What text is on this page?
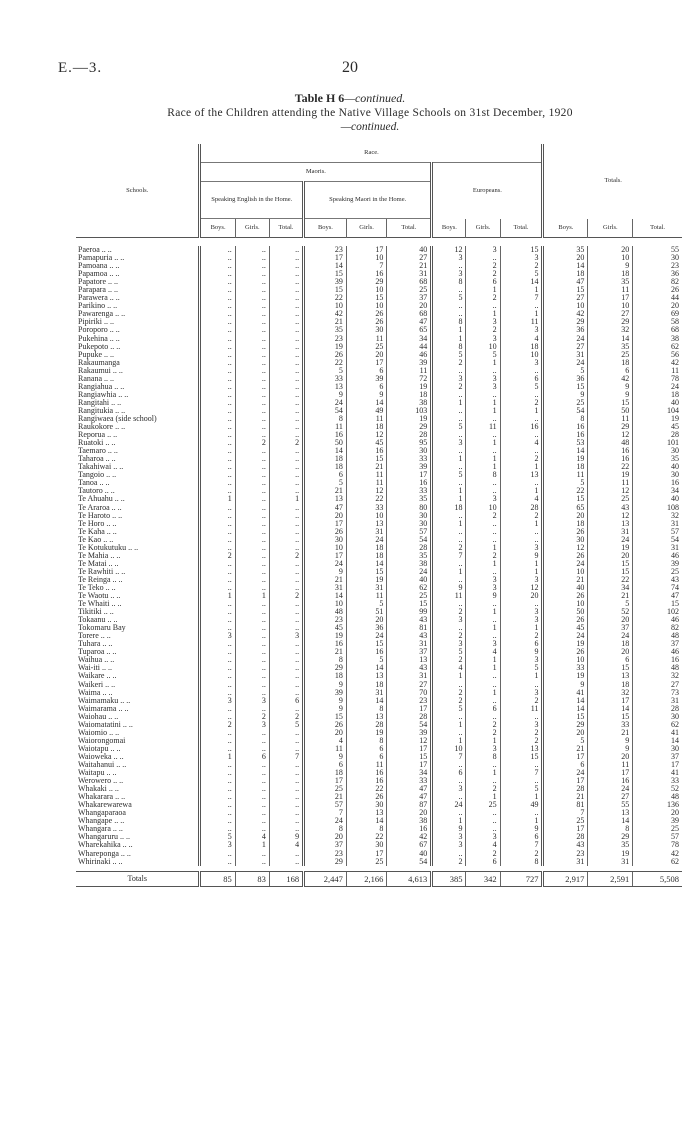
E.—3.	20
Table H 6—continued.
Race of the Children attending the Native Village Schools on 31st December, 1920
—continued.
Schools.	Race.									Totals.		
	Maoris.						Europeans.					
	Speaking English in the Home.			Speaking Maori in the Home.								
	Boys.	Girls.	Total.	Boys.	Girls.	Total.	Boys.	Girls.	Total.	Boys.	Girls.	Total.

Paeroa .. ..	..	..	..	23	17	40	12	3	15	35	20	55
Pamapuria .. ..	..	..	..	17	10	27	3	..	3	20	10	30
Pamoana .. ..	..	..	..	14	7	21	..	2	2	14	9	23
Papamoa .. ..	..	..	..	15	16	31	3	2	5	18	18	36
Papatore .. ..	..	..	..	39	29	68	8	6	14	47	35	82
Parapara .. ..	..	..	..	15	10	25	..	1	1	15	11	26
Parawera .. ..	..	..	..	22	15	37	5	2	7	27	17	44
Parikino .. ..	..	..	..	10	10	20	..	..	..	10	10	20
Pawarenga .. ..	..	..	..	42	26	68	..	1	1	42	27	69
Pipiriki .. ..	..	..	..	21	26	47	8	3	11	29	29	58
Poroporo .. ..	..	..	..	35	30	65	1	2	3	36	32	68
Pukehina .. ..	..	..	..	23	11	34	1	3	4	24	14	38
Pukepoto .. ..	..	..	..	19	25	44	8	10	18	27	35	62
Pupuke .. ..	..	..	..	26	20	46	5	5	10	31	25	56
Rakaumanga	..	..	..	22	17	39	2	1	3	24	18	42
Rakaumui .. ..	..	..	..	5	6	11	..	..	..	5	6	11
Ranana .. ..	..	..	..	33	39	72	3	3	6	36	42	78
Rangiahua .. ..	..	..	..	13	6	19	2	3	5	15	9	24
Rangiawhia .. ..	..	..	..	9	9	18	..	..	..	9	9	18
Rangitahi .. ..	..	..	..	24	14	38	1	1	2	25	15	40
Rangitukia .. ..	..	..	..	54	49	103	..	1	1	54	50	104
Rangiwaea (side school)	..	..	..	8	11	19	..	..	..	8	11	19
Raukokore .. ..	..	..	..	11	18	29	5	11	16	16	29	45
Reporua .. ..	..	..	..	16	12	28	..	..	..	16	12	28
Ruatoki .. ..	..	2	2	50	45	95	3	1	4	53	48	101
Taemaro .. ..	..	..	..	14	16	30	..	..	..	14	16	30
Taharoa .. ..	..	..	..	18	15	33	1	1	2	19	16	35
Takahiwai .. ..	..	..	..	18	21	39	..	1	1	18	22	40
Tangoio .. ..	..	..	..	6	11	17	5	8	13	11	19	30
Tanoa .. ..	..	..	..	5	11	16	..	..	..	5	11	16
Tautoro .. ..	..	..	..	21	12	33	1	..	1	22	12	34
Te Ahuahu .. ..	1	..	1	13	22	35	1	3	4	15	25	40
Te Araroa .. ..	..	..	..	47	33	80	18	10	28	65	43	108
Te Haroto .. ..	..	..	..	20	10	30	..	2	2	20	12	32
Te Horo .. ..	..	..	..	17	13	30	1	..	1	18	13	31
Te Kaha .. ..	..	..	..	26	31	57	..	..	..	26	31	57
Te Kao .. ..	..	..	..	30	24	54	..	..	..	30	24	54
Te Kotukutuku .. ..	..	..	..	10	18	28	2	1	3	12	19	31
Te Mahia .. ..	2	..	2	17	18	35	7	2	9	26	20	46
Te Matai .. ..	..	..	..	24	14	38	..	1	1	24	15	39
Te Rawhiti .. ..	..	..	..	9	15	24	1	..	1	10	15	25
Te Reinga .. ..	..	..	..	21	19	40	..	3	3	21	22	43
Te Teko .. ..	..	..	..	31	31	62	9	3	12	40	34	74
Te Waotu .. ..	1	1	2	14	11	25	11	9	20	26	21	47
Te Whaiti .. ..	..	..	..	10	5	15	..	..	..	10	5	15
Tikitiki .. ..	..	..	..	48	51	99	2	1	3	50	52	102
Tokaanu .. ..	..	..	..	23	20	43	3	..	3	26	20	46
Tokomaru Bay	..	..	..	45	36	81	..	1	1	45	37	82
Torere .. ..	3	..	3	19	24	43	2	..	2	24	24	48
Tuhara .. ..	..	..	..	16	15	31	3	3	6	19	18	37
Tuparoa .. ..	..	..	..	21	16	37	5	4	9	26	20	46
Waihua .. ..	..	..	..	8	5	13	2	1	3	10	6	16
Wai-iti .. ..	..	..	..	29	14	43	4	1	5	33	15	48
Waikare .. ..	..	..	..	18	13	31	1	..	1	19	13	32
Waikeri .. ..	..	..	..	9	18	27	..	..	..	9	18	27
Waima .. ..	..	..	..	39	31	70	2	1	3	41	32	73
Waimamaku .. ..	3	3	6	9	14	23	2	..	2	14	17	31
Waimarama .. ..	..	..	..	9	8	17	5	6	11	14	14	28
Waiohau .. ..	..	2	2	15	13	28	..	..	..	15	15	30
Waiomatatini .. ..	2	3	5	26	28	54	1	2	3	29	33	62
Waiomio .. ..	..	..	..	20	19	39	..	2	2	20	21	41
Waiorongomai	..	..	..	4	8	12	1	1	2	5	9	14
Waiotapu .. ..	..	..	..	11	6	17	10	3	13	21	9	30
Waioweka .. ..	1	6	7	9	6	15	7	8	15	17	20	37
Waitahanui .. ..	..	..	..	6	11	17	..	..	..	6	11	17
Waitapu .. ..	..	..	..	18	16	34	6	1	7	24	17	41
Werowero .. ..	..	..	..	17	16	33	..	..	..	17	16	33
Whakaki .. ..	..	..	..	25	22	47	3	2	5	28	24	52
Whakarara .. ..	..	..	..	21	26	47	..	1	1	21	27	48
Whakarewarewa	..	..	..	57	30	87	24	25	49	81	55	136
Whangaparaoa	..	..	..	7	13	20	..	..	..	7	13	20
Whangape .. ..	..	..	..	24	14	38	1	..	1	25	14	39
Whangara .. ..	..	..	..	8	8	16	9	..	9	17	8	25
Whangaruru .. ..	5	4	9	20	22	42	3	3	6	28	29	57
Wharekahika .. ..	3	1	4	37	30	67	3	4	7	43	35	78
Whareponga .. ..	..	..	..	23	17	40	..	2	2	23	19	42
Whirinaki .. ..	..	..	..	29	25	54	2	6	8	31	31	62

Totals	85	83	168	2,447	2,166	4,613	385	342	727	2,917	2,591	5,508
